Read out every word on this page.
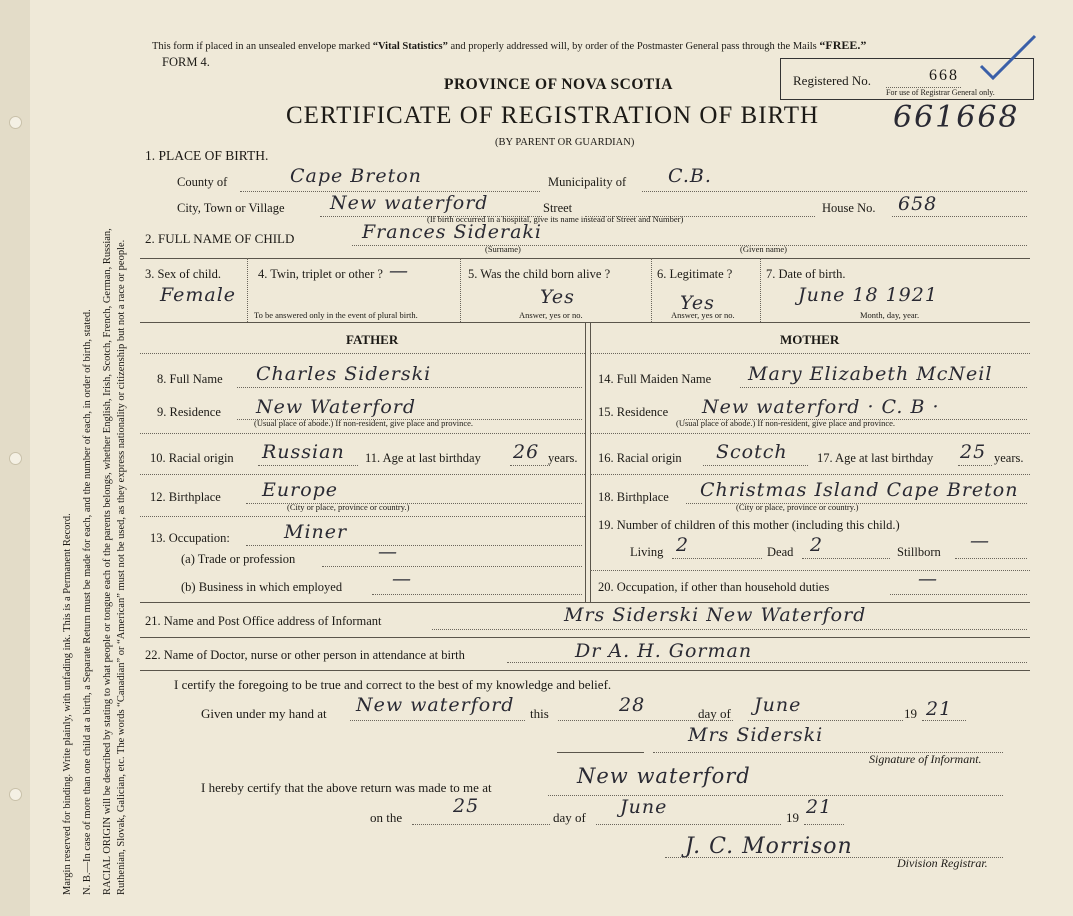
Margin reserved for binding. Write plainly, with unfading ink. This is a Permanent Record. N. B.—In case of more than one child at a birth, a Separate Return must be made for each, and the number of each, in order of birth, stated. RACIAL ORIGIN will be described by stating to what people or tongue each of the parents belongs, whether English, Irish, Scotch, French, German, Russian, Ruthenian, Slovak, Galician, etc. The words “Canadian” or “American” must not be used, as they express nationality or citizenship but not a race or people.
This form if placed in an unsealed envelope marked “Vital Statistics” and properly addressed will, by order of the Postmaster General pass through the Mails “FREE.”
FORM 4.
PROVINCE OF NOVA SCOTIA
CERTIFICATE OF REGISTRATION OF BIRTH 661668
(BY PARENT OR GUARDIAN)
Registered No.	668
For use of Registrar General only.
1. PLACE OF BIRTH.
County of	Cape Breton	Municipality of C.B.
City, Town or Village New waterford	Street
(If birth occurred in a hospital, give its name instead of Street and Number)
House No. 658
2. FULL NAME OF CHILD	Frances Sideraki
(Surname)	(Given name)
3. Sex of child.
Female
4. Twin, triplet or other ? —
To be answered only in the event of plural birth.
5. Was the child born alive ?
Yes
Answer, yes or no.
6. Legitimate ?
Yes
Answer, yes or no.
7. Date of birth.
June 18 1921
Month, day, year.
FATHER	MOTHER
8. Full Name Charles Siderski
9. Residence New Waterford
(Usual place of abode.) If non-resident, give place and province.
10. Racial origin Russian 11. Age at last birthday 26 years.
12. Birthplace Europe
(City or place, province or country.)
13. Occupation:	Miner
(a) Trade or profession	—
(b) Business in which employed	—
14. Full Maiden Name Mary Elizabeth McNeil
15. Residence New waterford · C. B ·
(Usual place of abode.) If non-resident, give place and province.
16. Racial origin Scotch 17. Age at last birthday 25 years.
18. Birthplace Christmas Island Cape Breton
(City or place, province or country.)
19. Number of children of this mother (including this child.)
Living 2	Dead 2	Stillborn —
20. Occupation, if other than household duties	—
21. Name and Post Office address of Informant	Mrs Siderski New Waterford
22. Name of Doctor, nurse or other person in attendance at birth	Dr A. H. Gorman
I certify the foregoing to be true and correct to the best of my knowledge and belief.
Given under my hand at New waterford this	28	day of June	19 21
Mrs Siderski
Signature of Informant.
I hereby certify that the above return was made to me at	New waterford
on the
25
day of June	19 21
J. C. Morrison
Division Registrar.
